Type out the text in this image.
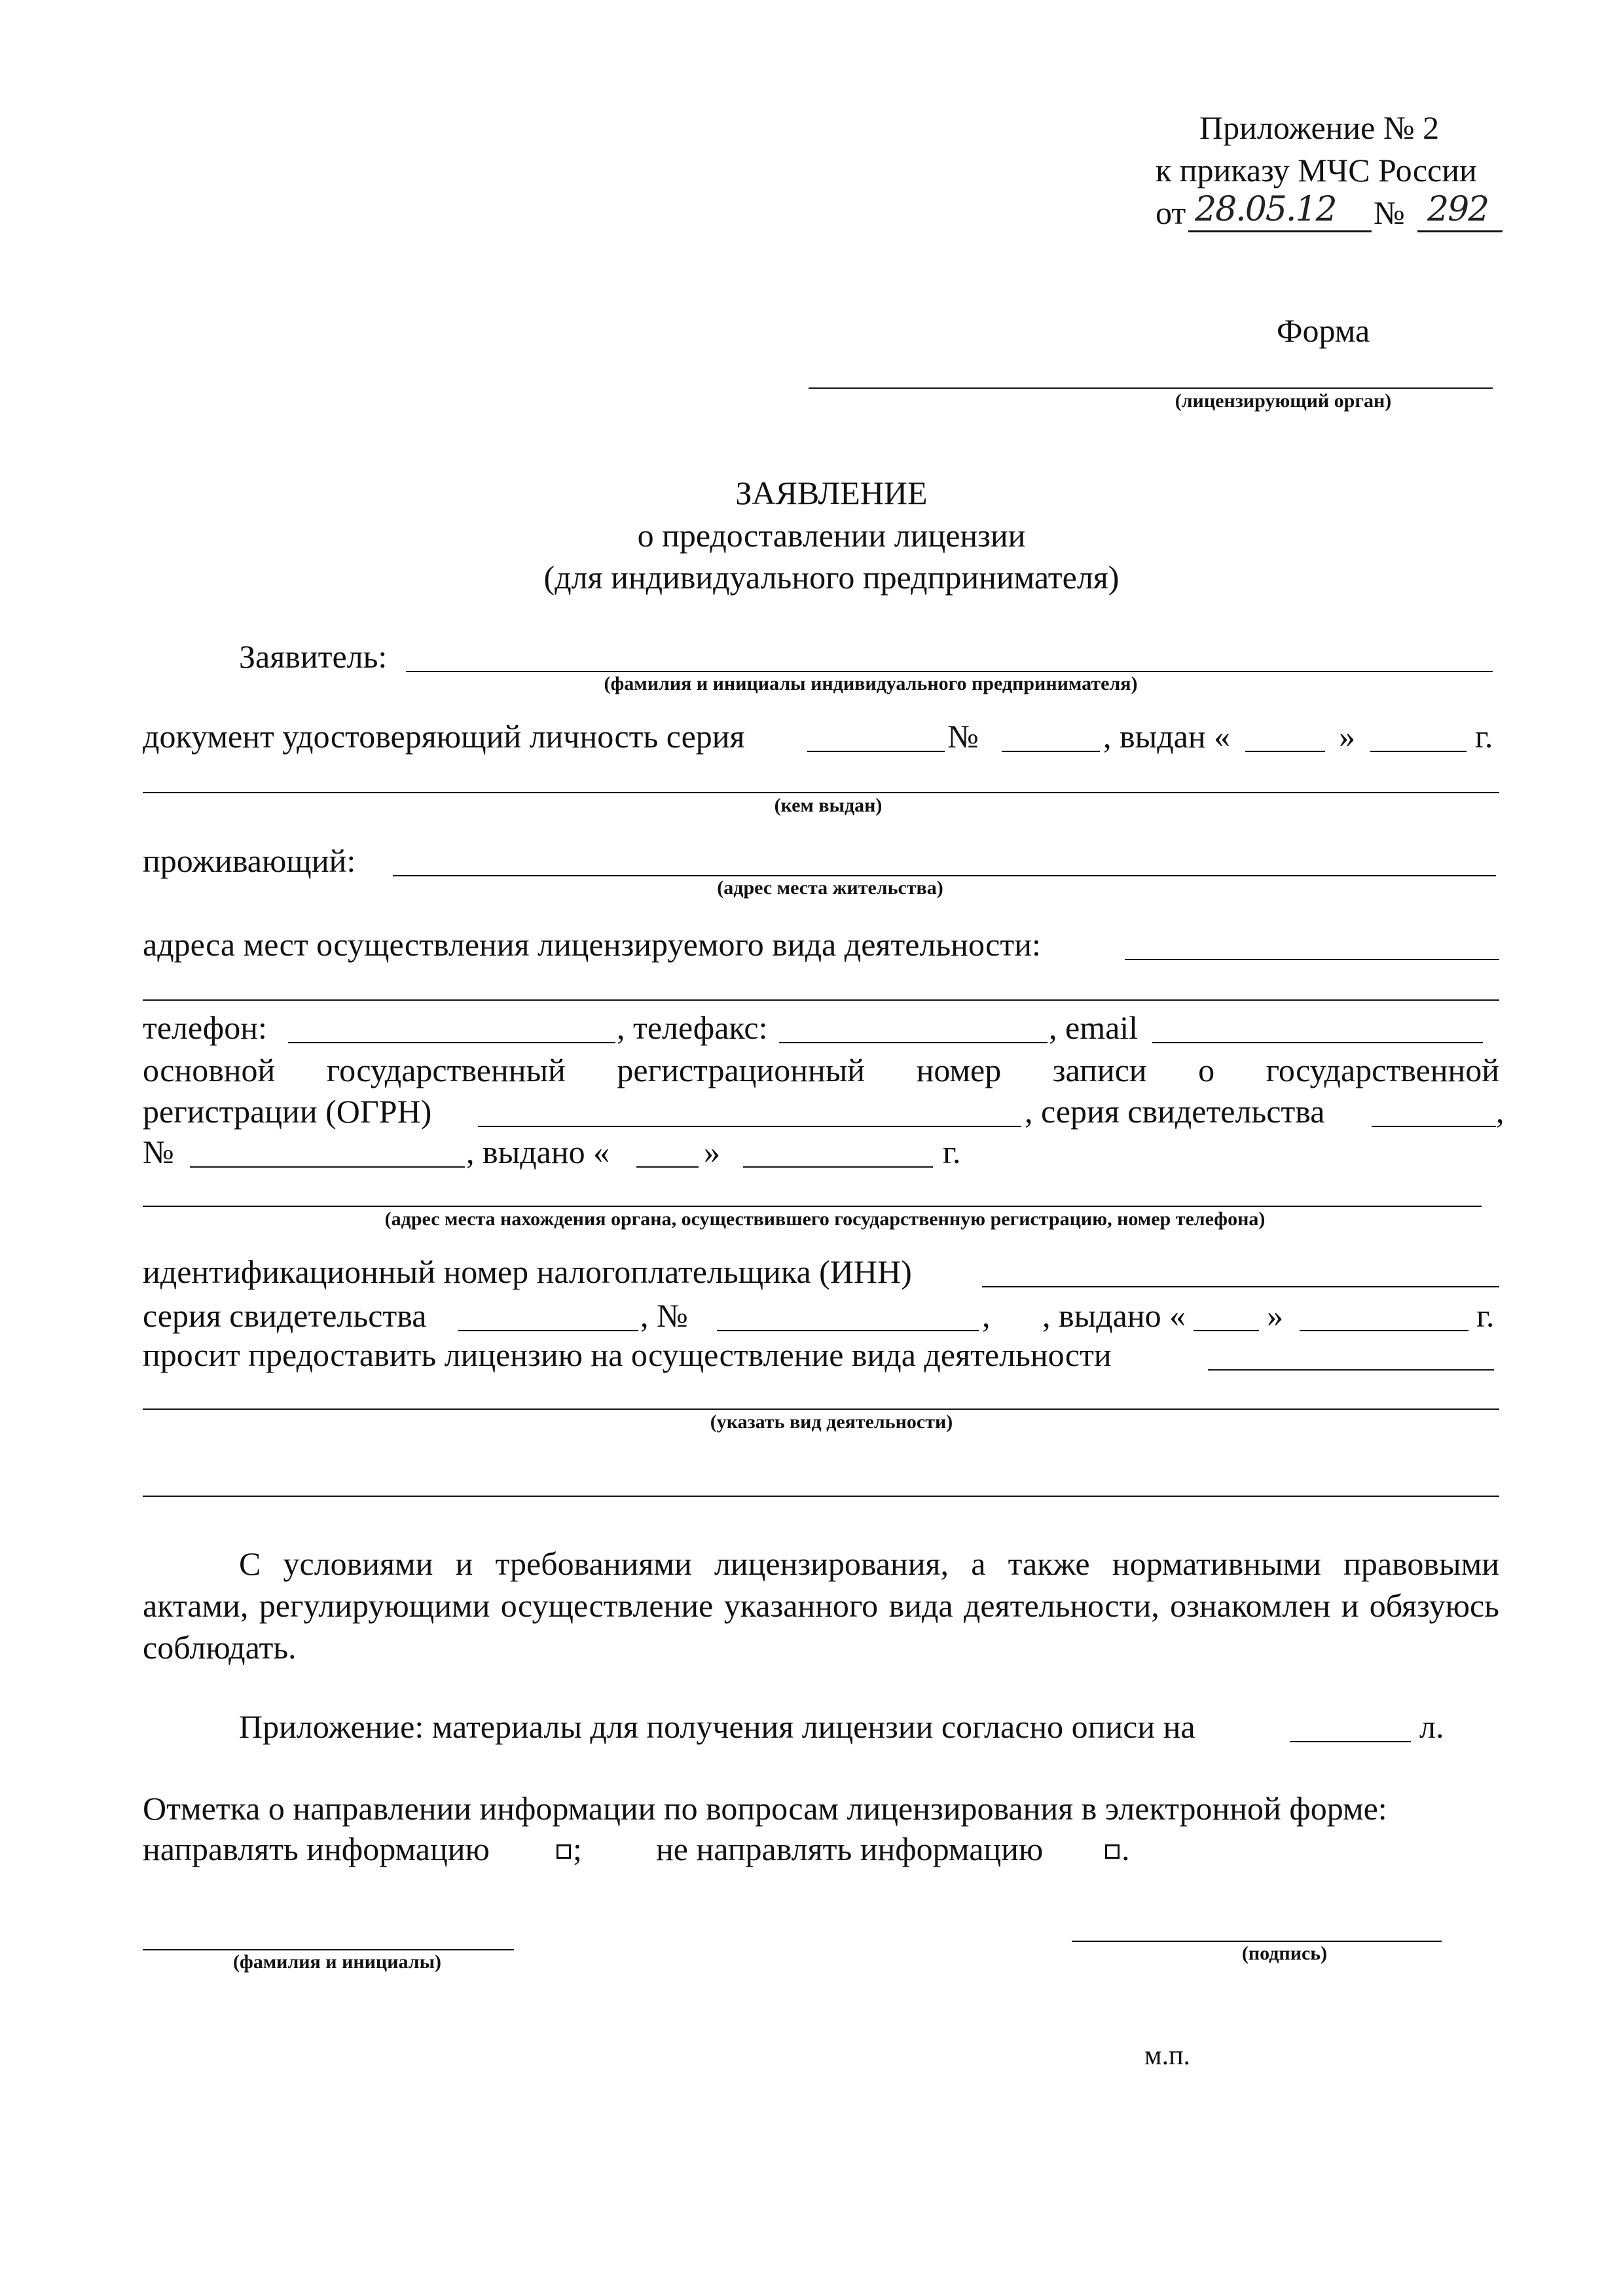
Приложение № 2
к приказу МЧС России
от 28.05.12 № 292
Форма
(лицензирующий орган)
ЗАЯВЛЕНИЕ
о предоставлении лицензии
(для индивидуального предпринимателя)
Заявитель:
(фамилия и инициалы индивидуального предпринимателя)
документ удостоверяющий личность серия	№	, выдан «	»	г.
(кем выдан)
проживающий:
(адрес места жительства)
адреса мест осуществления лицензируемого вида деятельности:
телефон:	, телефакс:	, email
основной государственный регистрационный номер записи о государственной
регистрации (ОГРН)	, серия свидетельства	,
№	, выдано «	»	г.
(адрес места нахождения органа, осуществившего государственную регистрацию, номер телефона)
идентификационный номер налогоплательщика (ИНН)
серия свидетельства	, №	, , выдано « »	г.
просит предоставить лицензию на осуществление вида деятельности
(указать вид деятельности)
С условиями и требованиями лицензирования, а также нормативными правовыми актами, регулирующими осуществление указанного вида деятельности, ознакомлен и обязуюсь соблюдать.
Приложение: материалы для получения лицензии согласно описи на	л.
Отметка о направлении информации по вопросам лицензирования в электронной форме:
направлять информацию	; не направлять информацию .
(фамилия и инициалы)	(подпись)
м.п.
